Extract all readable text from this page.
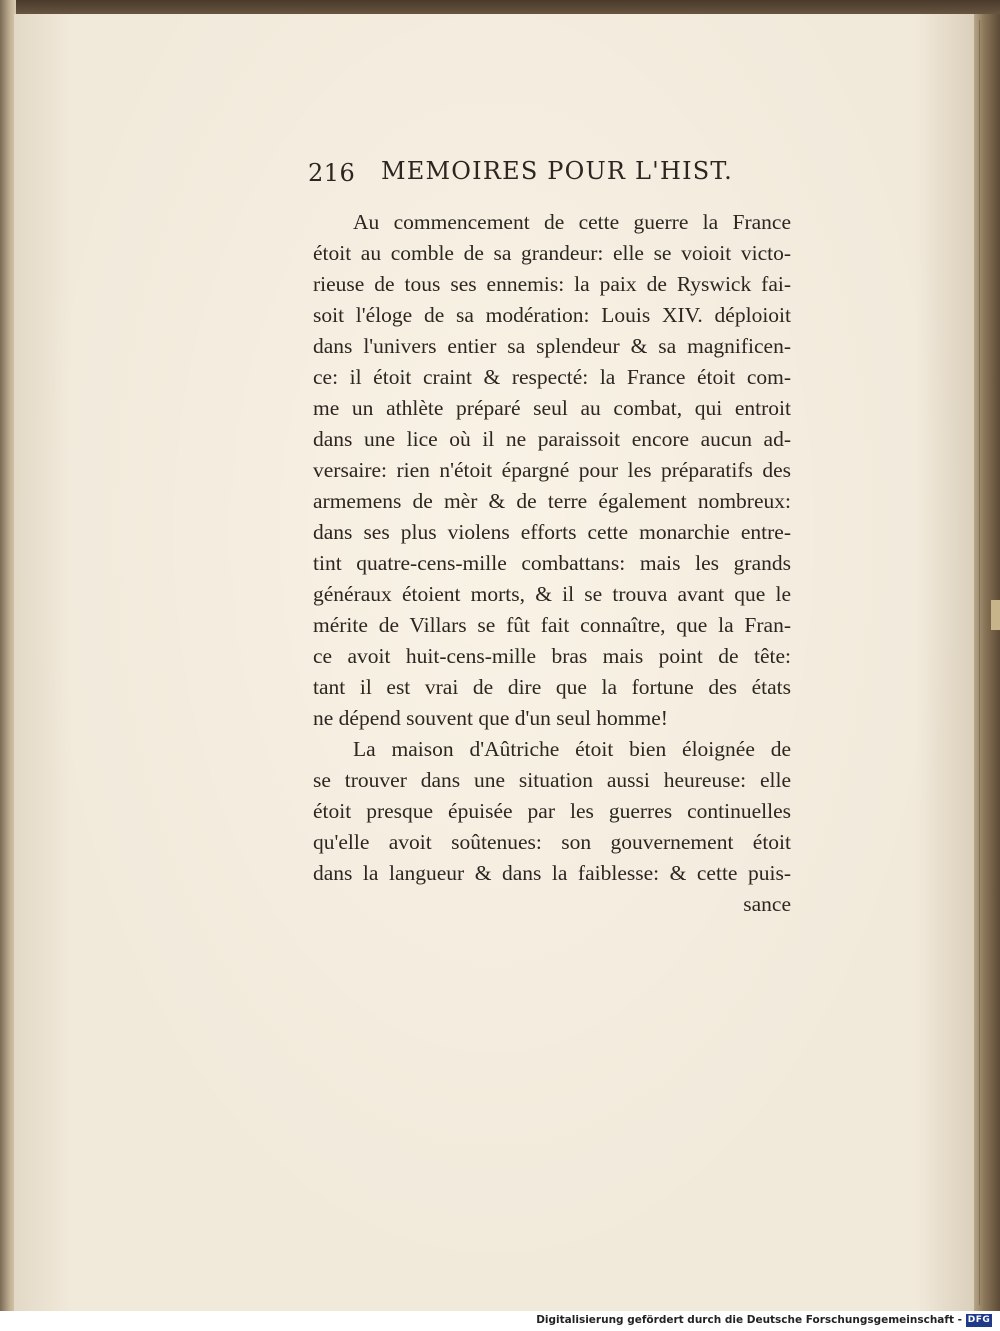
216 MEMOIRES POUR L'HIST.
Au commencement de cette guerre la France
étoit au comble de sa grandeur: elle se voioit victo-
rieuse de tous ses ennemis: la paix de Ryswick fai-
soit l'éloge de sa modération: Louis XIV. déploioit
dans l'univers entier sa splendeur & sa magnificen-
ce: il étoit craint & respecté: la France étoit com-
me un athlète préparé seul au combat, qui entroit
dans une lice où il ne paraissoit encore aucun ad-
versaire: rien n'étoit épargné pour les préparatifs des
armemens de mèr & de terre également nombreux:
dans ses plus violens efforts cette monarchie entre-
tint quatre-cens-mille combattans: mais les grands
généraux étoient morts, & il se trouva avant que le
mérite de Villars se fût fait connaître, que la Fran-
ce avoit huit-cens-mille bras mais point de tête:
tant il est vrai de dire que la fortune des états
ne dépend souvent que d'un seul homme!
La maison d'Aûtriche étoit bien éloignée de
se trouver dans une situation aussi heureuse: elle
étoit presque épuisée par les guerres continuelles
qu'elle avoit soûtenues: son gouvernement étoit
dans la langueur & dans la faiblesse: & cette puis-
sance
Digitalisierung gefördert durch die Deutsche Forschungsgemeinschaft - DFG
